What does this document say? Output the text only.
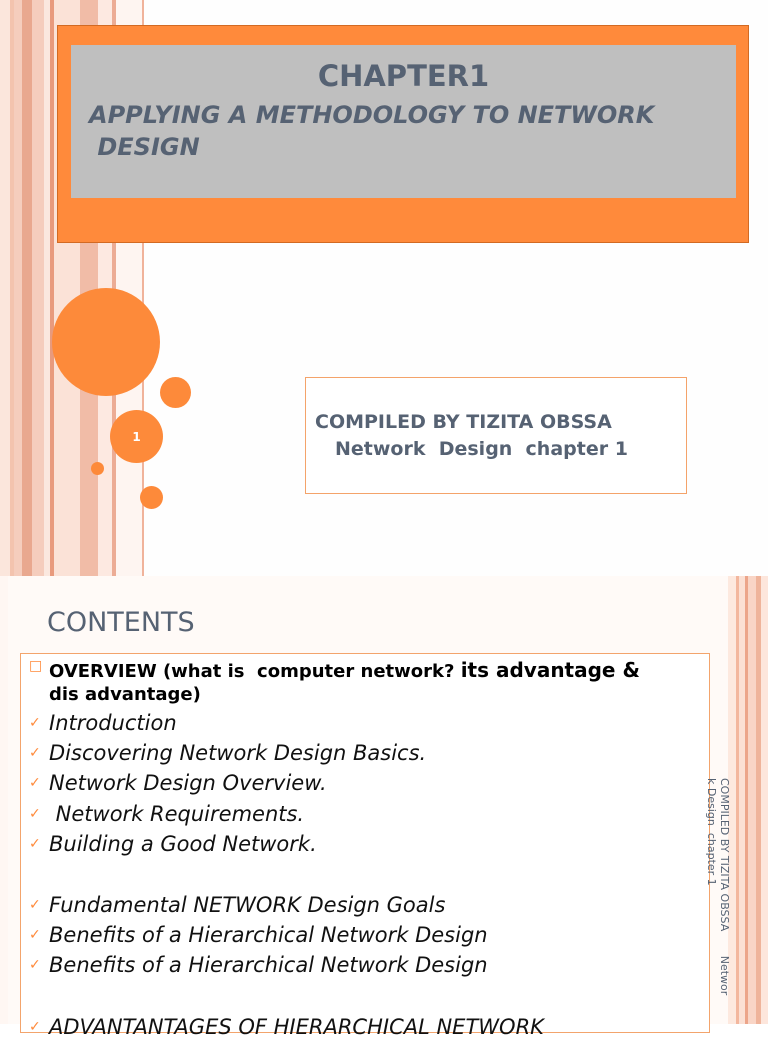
CHAPTER1
APPLYING A METHODOLOGY TO NETWORK
DESIGN
1
COMPILED BY TIZITA OBSSA
Network  Design  chapter 1
CONTENTS
□ OVERVIEW (what is  computer network? its advantage &
dis advantage)
✓ Introduction
✓ Discovering Network Design Basics.
✓ Network Design Overview.
✓ Network Requirements.
✓ Building a Good Network.
✓ Fundamental NETWORK Design Goals
✓ Benefits of a Hierarchical Network Design
✓ Benefits of a Hierarchical Network Design
✓ ADVANTANTAGES OF HIERARCHICAL NETWORK
COMPILED BY TIZITA OBSSA       Networ
k Design  chapter 1
